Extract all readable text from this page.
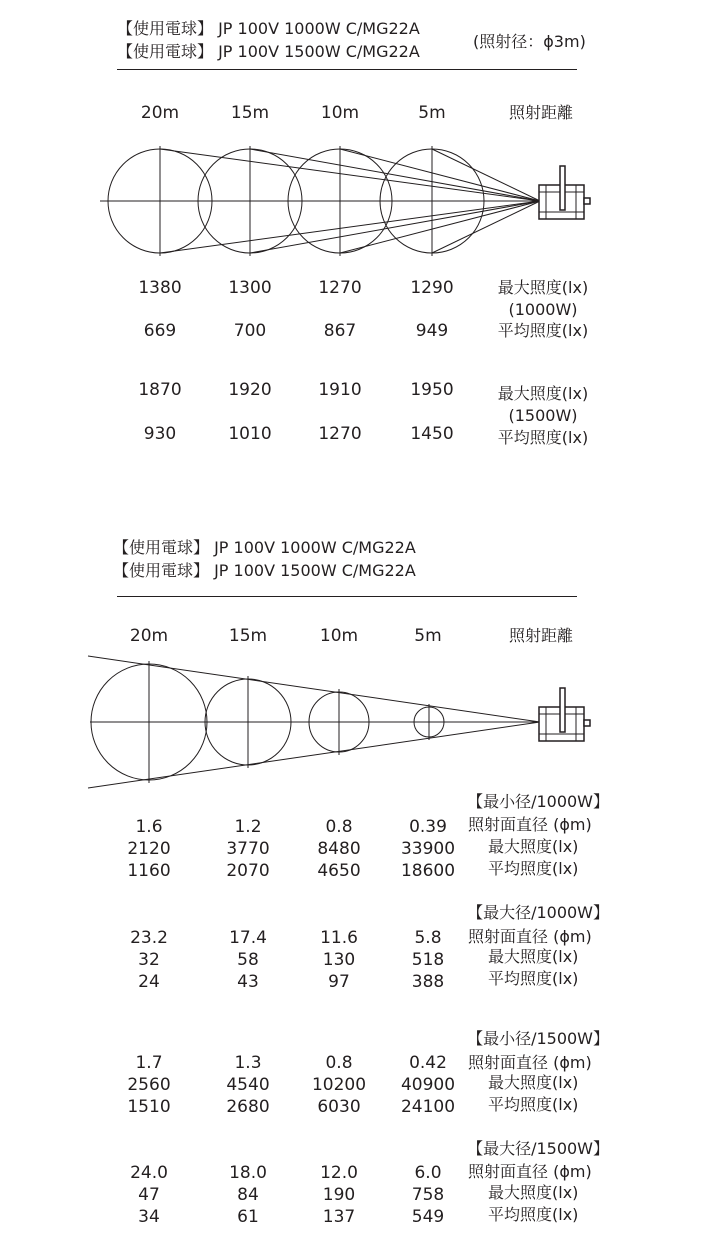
【使用電球】 JP 100V 1000W C/MG22A
【使用電球】 JP 100V 1500W C/MG22A
(照射径：ϕ3m)
20m	15m	10m	5m	照射距離
1380	1300	1270	1290	最大照度(lx)
(1000W)
669	700	867	949	平均照度(lx)
1870	1920	1910	1950	最大照度(lx)
(1500W)
930	1010	1270	1450	平均照度(lx)
【使用電球】 JP 100V 1000W C/MG22A
【使用電球】 JP 100V 1500W C/MG22A
20m	15m	10m	5m	照射距離
【最小径/1000W】
1.6	1.2	0.8	0.39 照射面直径 (ϕm)
2120	3770	8480 33900 最大照度(lx)
1160	2070	4650 18600 平均照度(lx)
【最大径/1000W】
23.2	17.4	11.6	5.8 照射面直径 (ϕm)
32	58	130	518	最大照度(lx)
24	43	97	388	平均照度(lx)
【最小径/1500W】
1.7	1.3	0.8	0.42 照射面直径 (ϕm)
2560	4540 10200 40900 最大照度(lx)
1510	2680	6030 24100 平均照度(lx)
【最大径/1500W】
24.0	18.0	12.0	6.0 照射面直径 (ϕm)
47	84	190	758	最大照度(lx)
34	61	137	549	平均照度(lx)
